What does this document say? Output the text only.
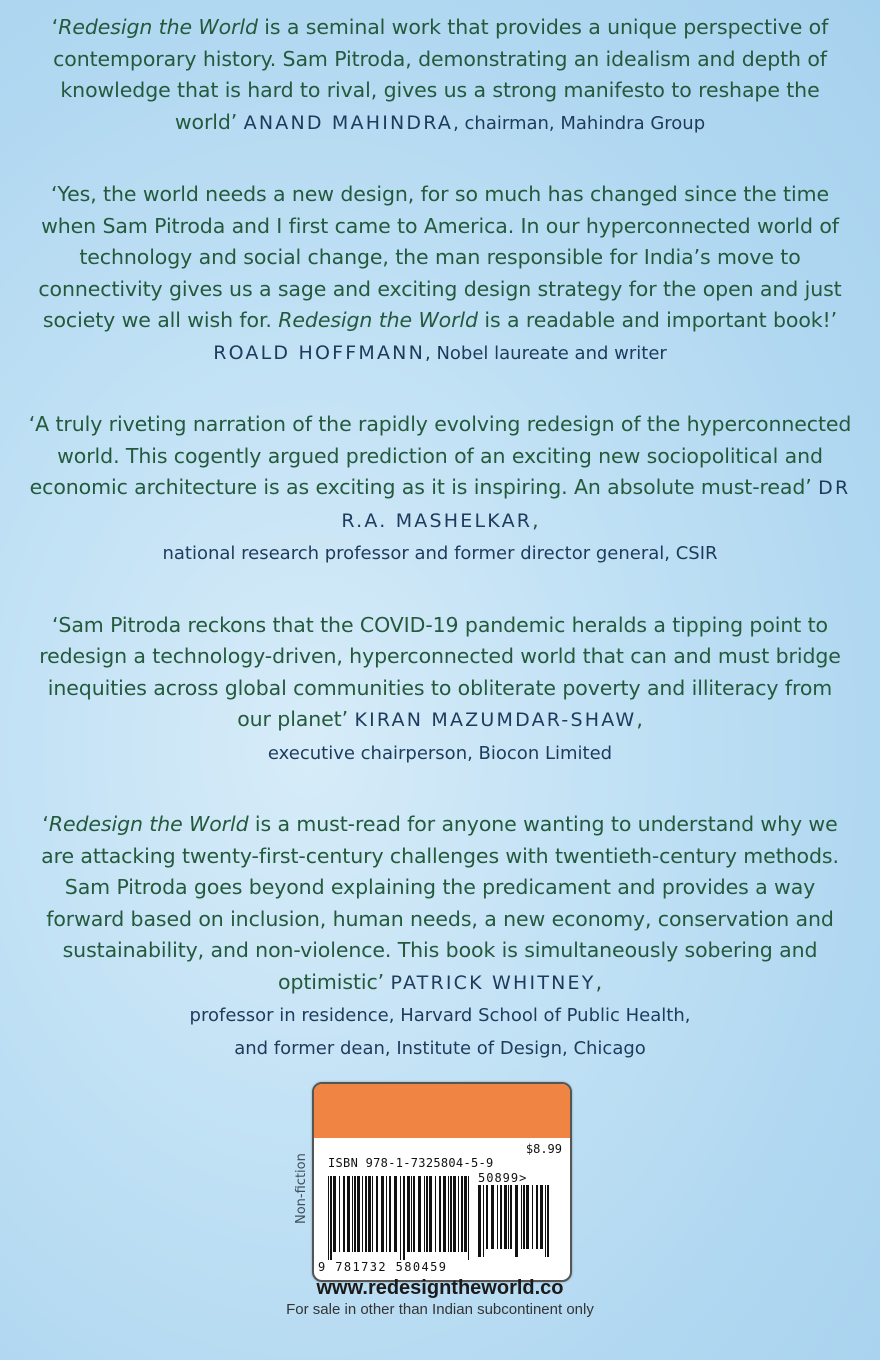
‘Redesign the World is a seminal work that provides a unique perspective of contemporary history. Sam Pitroda, demonstrating an idealism and depth of knowledge that is hard to rival, gives us a strong manifesto to reshape the world’ ANAND MAHINDRA, chairman, Mahindra Group

‘Yes, the world needs a new design, for so much has changed since the time when Sam Pitroda and I first came to America. In our hyperconnected world of technology and social change, the man responsible for India’s move to connectivity gives us a sage and exciting design strategy for the open and just society we all wish for. Redesign the World is a readable and important book!’ ROALD HOFFMANN, Nobel laureate and writer

‘A truly riveting narration of the rapidly evolving redesign of the hyperconnected world. This cogently argued prediction of an exciting new sociopolitical and economic architecture is as exciting as it is inspiring. An absolute must-read’ DR R.A. MASHELKAR,
national research professor and former director general, CSIR

‘Sam Pitroda reckons that the COVID-19 pandemic heralds a tipping point to redesign a technology-driven, hyperconnected world that can and must bridge inequities across global communities to obliterate poverty and illiteracy from our planet’ KIRAN MAZUMDAR-SHAW,
executive chairperson, Biocon Limited

‘Redesign the World is a must-read for anyone wanting to understand why we are attacking twenty-first-century challenges with twentieth-century methods. Sam Pitroda goes beyond explaining the predicament and provides a way forward based on inclusion, human needs, a new economy, conservation and sustainability, and non-violence. This book is simultaneously sobering and optimistic’ PATRICK WHITNEY,
professor in residence, Harvard School of Public Health,
and former dean, Institute of Design, Chicago

Non-fiction
$8.99
ISBN 978-1-7325804-5-9
50899>
9 781732 580459
www.redesigntheworld.co
For sale in other than Indian subcontinent only
